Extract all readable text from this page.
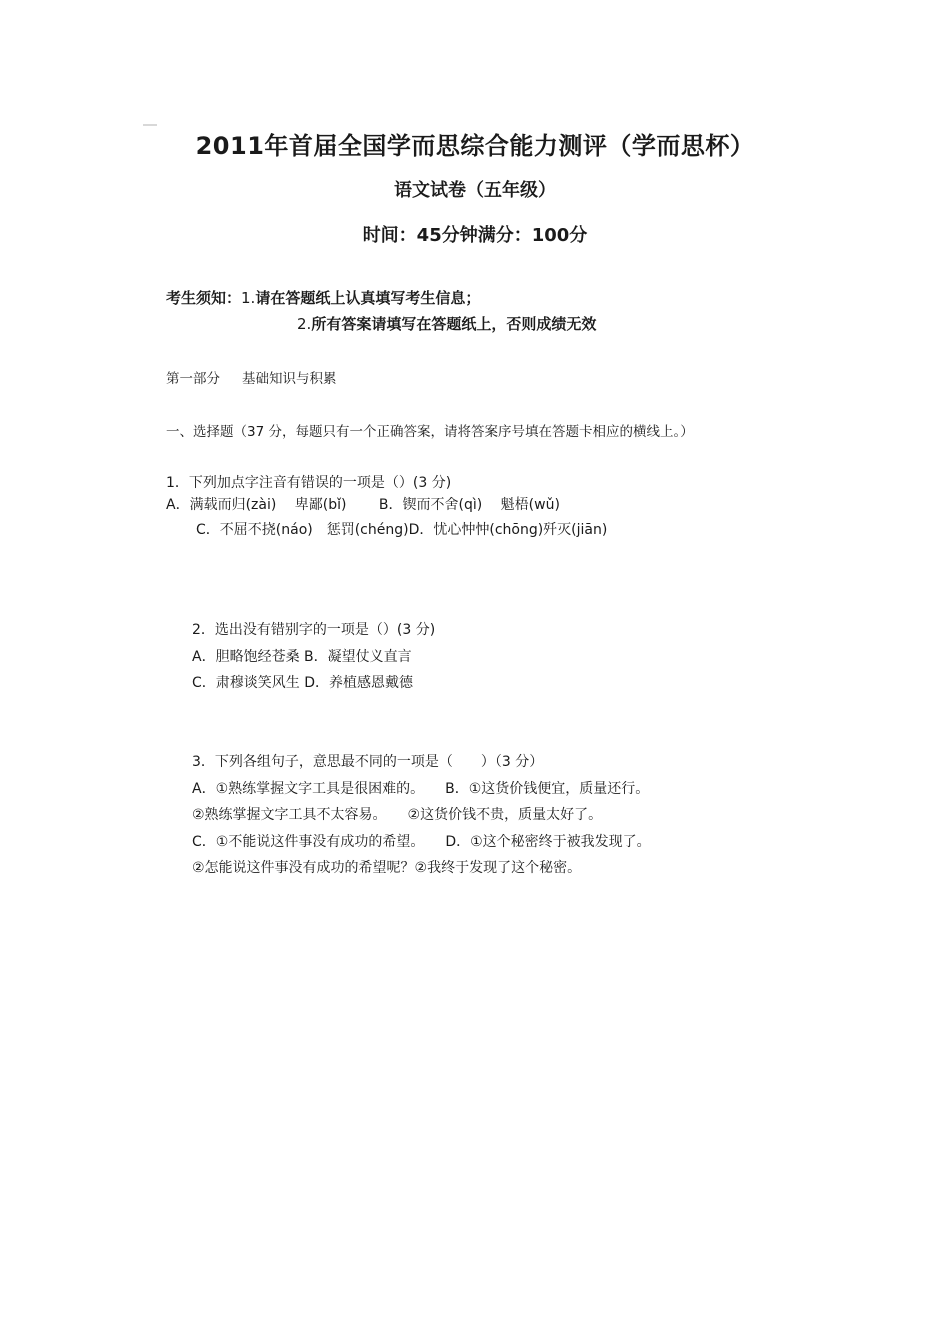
2011年首届全国学而思综合能力测评（学而思杯）
语文试卷（五年级）
时间：45分钟满分：100分
考生须知：1.请在答题纸上认真填写考生信息；
2.所有答案请填写在答题纸上，否则成绩无效
第一部分 基础知识与积累
一、选择题（37 分，每题只有一个正确答案，请将答案序号填在答题卡相应的横线上。）
1．下列加点字注音有错误的一项是（）(3 分)
A．满载而归(zài)　 卑鄙(bǐ)　　 B．锲而不舍(qì)　 魁梧(wǔ)
C．不屈不挠(náo)　惩罚(chéng)D．忧心忡忡(chōng)歼灭(jiān)
2．选出没有错别字的一项是（）(3 分)
A．胆略饱经苍桑 B．凝望仗义直言
C．肃穆谈笑风生 D．养植感恩戴德
3．下列各组句子，意思最不同的一项是（　　）（3 分）
A．①熟练掌握文字工具是很困难的。　　B．①这货价钱便宜，质量还行。
②熟练掌握文字工具不太容易。　　②这货价钱不贵，质量太好了。
C．①不能说这件事没有成功的希望。　　D．①这个秘密终于被我发现了。
②怎能说这件事没有成功的希望呢？②我终于发现了这个秘密。
